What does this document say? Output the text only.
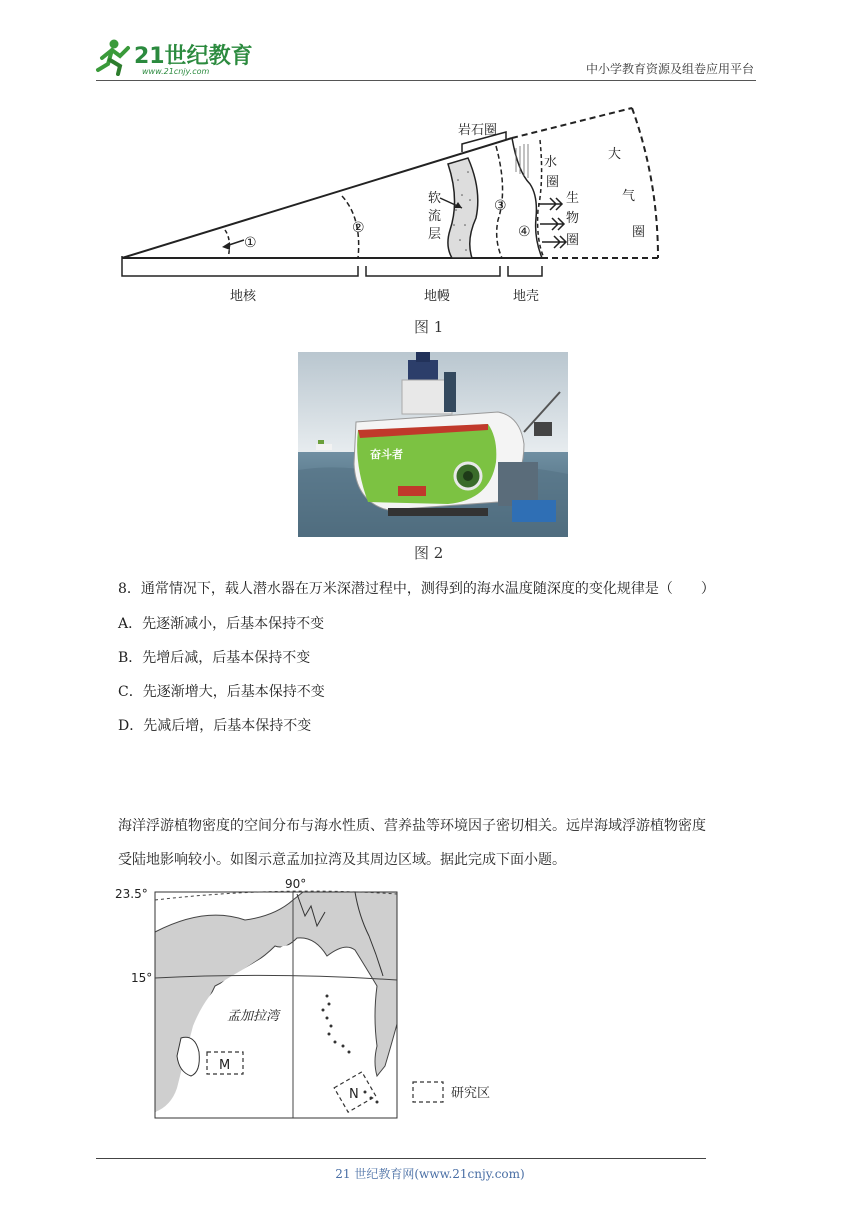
21世纪教育
www.21cnjy.com	中小学教育资源及组卷应用平台
岩石圈
软
流
层
水
圈
生
物
圈
大
气
圈
①
②
③
④
地核	地幔	地壳
图 1
奋斗者
图 2
8．通常情况下，载人潜水器在万米深潜过程中，测得到的海水温度随深度的变化规律是（　　）
A．先逐渐减小，后基本保持不变
B．先增后减，后基本保持不变
C．先逐渐增大，后基本保持不变
D．先减后增，后基本保持不变
海洋浮游植物密度的空间分布与海水性质、营养盐等环境因子密切相关。远岸海域浮游植物密度
受陆地影响较小。如图示意孟加拉湾及其周边区域。据此完成下面小题。
23.5°
15°
90°
孟加拉湾
M
N	研究区
21 世纪教育网(www.21cnjy.com)
